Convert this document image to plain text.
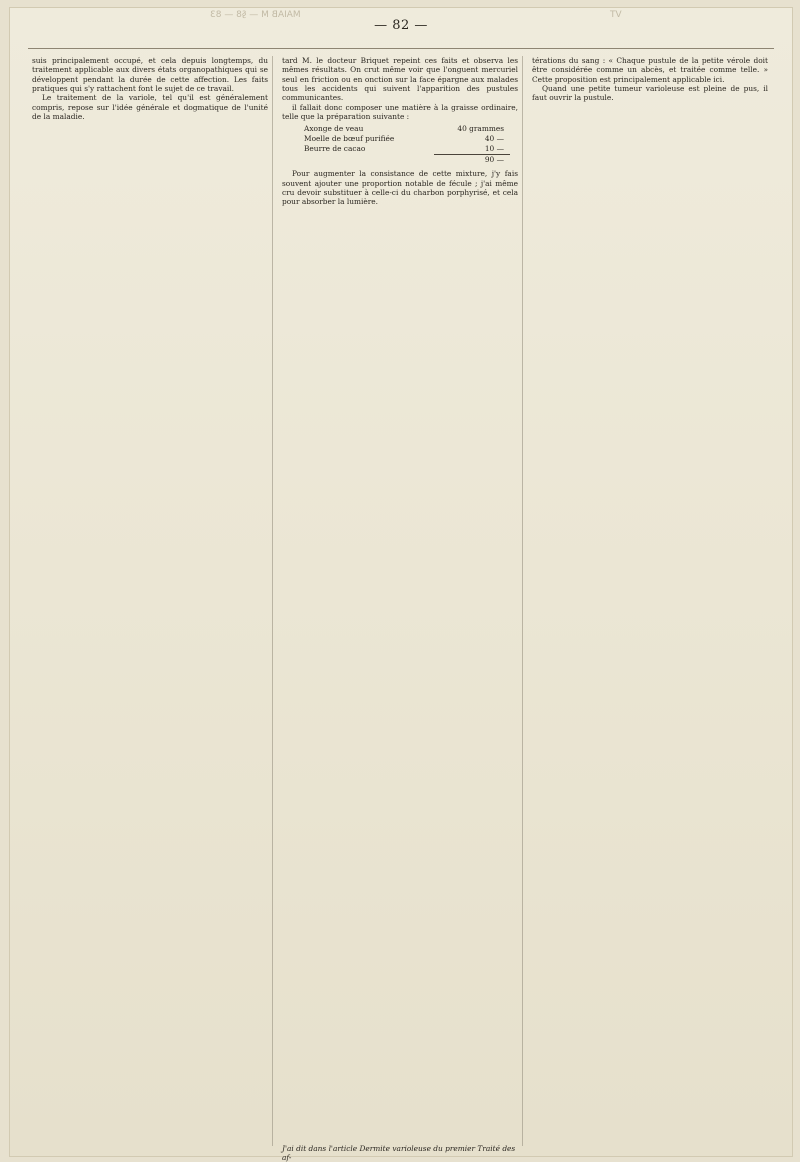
MAIAB M — §8 — 83	VT
— 82 —

suis principalement occupé, et cela depuis longtemps, du traitement applicable aux divers états organopathiques qui se développent pendant la durée de cette affection. Les faits pratiques qui s'y rattachent font le sujet de ce travail.

Le traitement de la variole, tel qu'il est généralement compris, repose sur l'idée générale et dogmatique de l'unité de la maladie.

tard M. le docteur Briquet repeint ces faits et observa les mêmes résultats. On crut même voir que l'onguent mercuriel seul en friction ou en onction sur la face épargne aux malades tous les accidents qui suivent l'apparition des pustules communicantes.

il fallait donc composer une matière à la graisse ordinaire, telle que la préparation suivante :

Axonge de veau	40 grammes
Moelle de bœuf purifiée	40 —
Beurre de cacao	10 —
90 —

Pour augmenter la consistance de cette mixture, j'y fais souvent ajouter une proportion notable de fécule ; j'ai même cru devoir substituer à celle-ci du charbon porphyrisé, et cela pour absorber la lumière.

térations du sang : « Chaque pustule de la petite vérole doit être considérée comme un abcès, et traitée comme telle. » Cette proposition est principalement applicable ici.

Quand une petite tumeur varioleuse est pleine de pus, il faut ouvrir la pustule.

J'ai dit dans l'article Dermite varioleuse du premier Traité des af-
